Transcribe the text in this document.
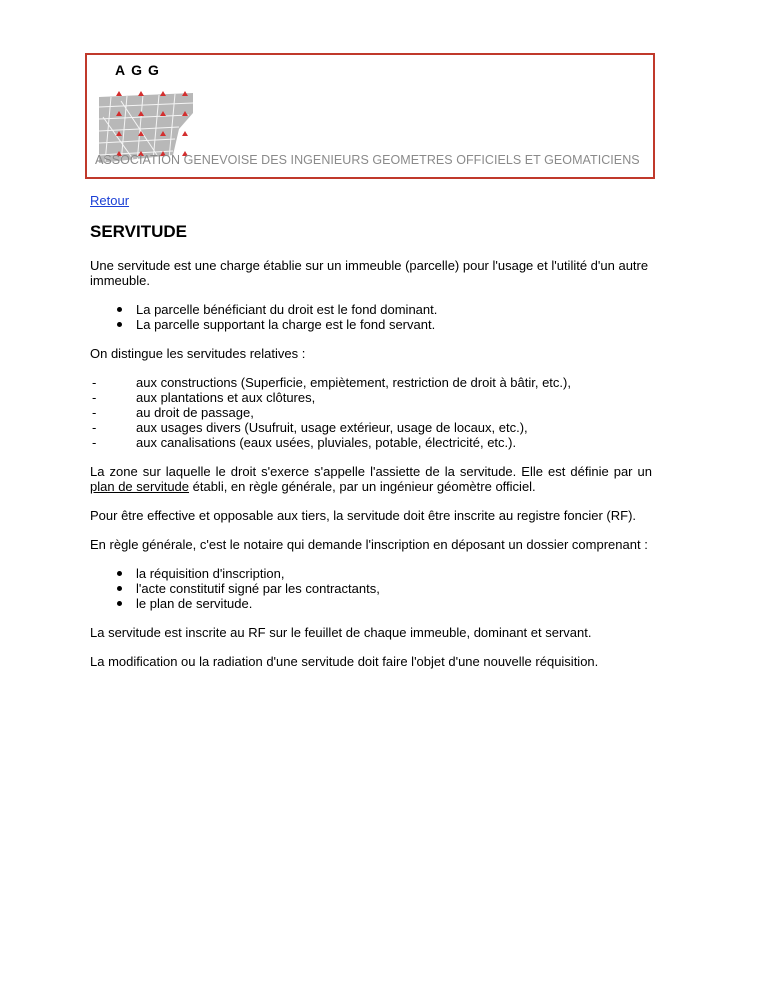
AGG
ASSOCIATION GENEVOISE DES INGENIEURS GEOMETRES OFFICIELS ET GEOMATICIENS
Retour
SERVITUDE

Une servitude est une charge établie sur un immeuble (parcelle) pour l'usage et l'utilité d'un autre immeuble.

La parcelle bénéficiant du droit est le fond dominant.
La parcelle supportant la charge est le fond servant.

On distingue les servitudes relatives :

-	aux constructions (Superficie, empiètement, restriction de droit à bâtir, etc.),
-	aux plantations et aux clôtures,
-	au droit de passage,
-	aux usages divers (Usufruit, usage extérieur, usage de locaux, etc.),
-	aux canalisations (eaux usées, pluviales, potable, électricité, etc.).

La zone sur laquelle le droit s'exerce s'appelle l'assiette de la servitude. Elle est définie par un plan de servitude établi, en règle générale, par un ingénieur géomètre officiel.

Pour être effective et opposable aux tiers, la servitude doit être inscrite au registre foncier (RF).

En règle générale, c'est le notaire qui demande l'inscription en déposant un dossier comprenant :

la réquisition d'inscription,
l'acte constitutif signé par les contractants,
le plan de servitude.

La servitude est inscrite au RF sur le feuillet de chaque immeuble, dominant et servant.

La modification ou la radiation d'une servitude doit faire l'objet d'une nouvelle réquisition.
